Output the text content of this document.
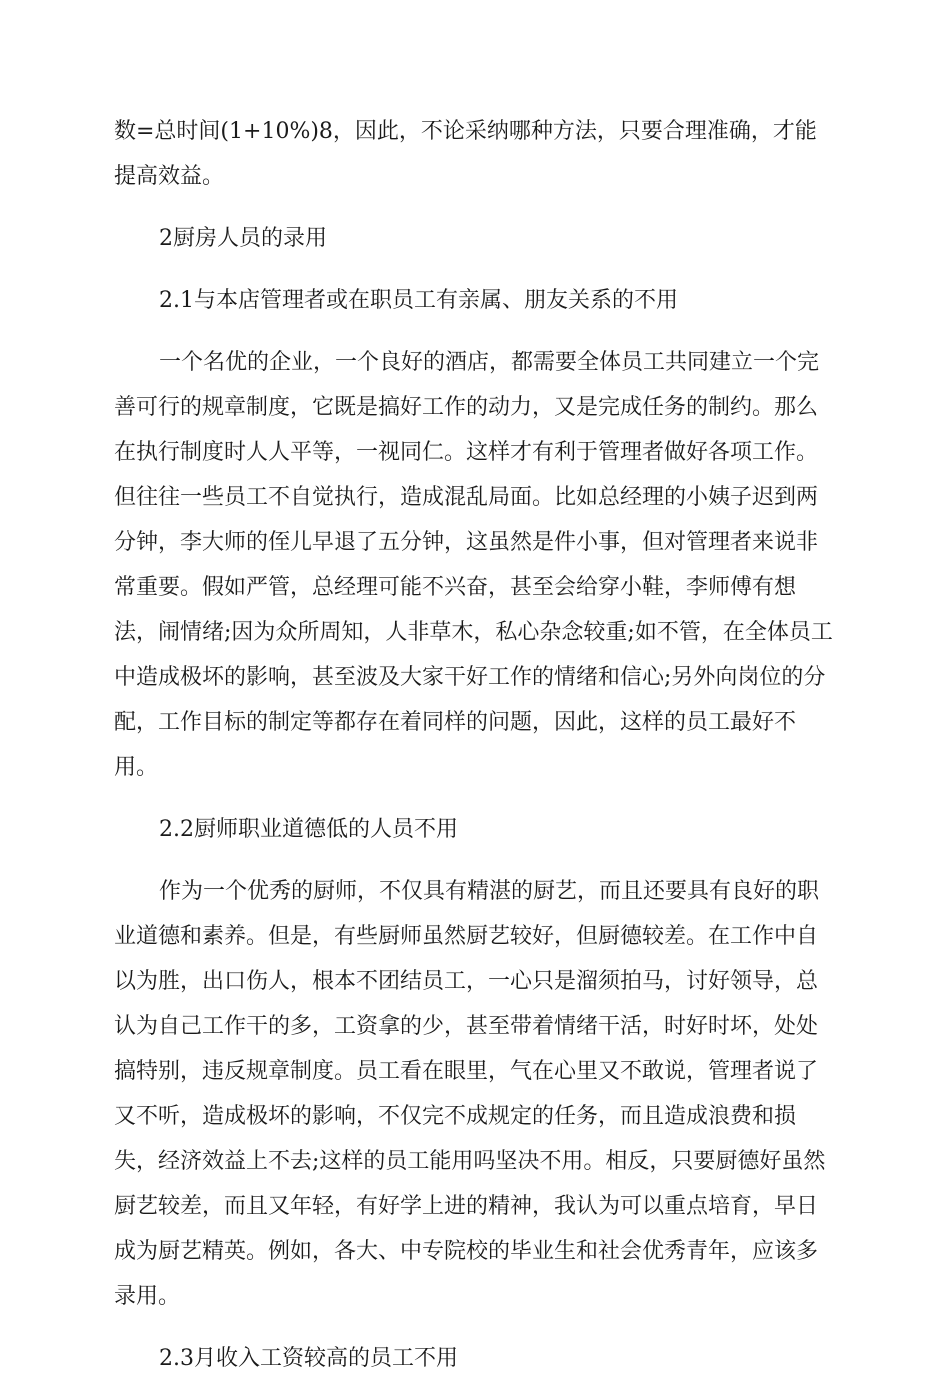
数=总时间(1+10%)8，因此，不论采纳哪种方法，只要合理准确，才能提高效益。

2厨房人员的录用

2.1与本店管理者或在职员工有亲属、朋友关系的不用

一个名优的企业，一个良好的酒店，都需要全体员工共同建立一个完善可行的规章制度，它既是搞好工作的动力，又是完成任务的制约。那么在执行制度时人人平等，一视同仁。这样才有利于管理者做好各项工作。但往往一些员工不自觉执行，造成混乱局面。比如总经理的小姨子迟到两分钟，李大师的侄儿早退了五分钟，这虽然是件小事，但对管理者来说非常重要。假如严管，总经理可能不兴奋，甚至会给穿小鞋，李师傅有想法，闹情绪;因为众所周知，人非草木，私心杂念较重;如不管，在全体员工中造成极坏的影响，甚至波及大家干好工作的情绪和信心;另外向岗位的分配，工作目标的制定等都存在着同样的问题，因此，这样的员工最好不用。

2.2厨师职业道德低的人员不用

作为一个优秀的厨师，不仅具有精湛的厨艺，而且还要具有良好的职业道德和素养。但是，有些厨师虽然厨艺较好，但厨德较差。在工作中自以为胜，出口伤人，根本不团结员工，一心只是溜须拍马，讨好领导，总认为自己工作干的多，工资拿的少，甚至带着情绪干活，时好时坏，处处搞特别，违反规章制度。员工看在眼里，气在心里又不敢说，管理者说了又不听，造成极坏的影响，不仅完不成规定的任务，而且造成浪费和损失，经济效益上不去;这样的员工能用吗坚决不用。相反，只要厨德好虽然厨艺较差，而且又年轻，有好学上进的精神，我认为可以重点培育，早日成为厨艺精英。例如，各大、中专院校的毕业生和社会优秀青年，应该多录用。

2.3月收入工资较高的员工不用
